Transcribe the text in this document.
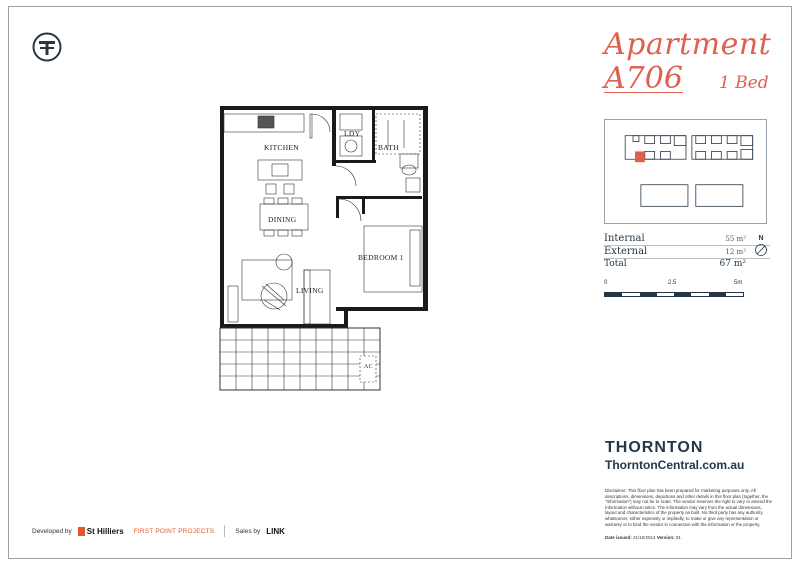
Apartment
A706 1 Bed
Internal	55 m²
External	12 m²
Total	67 m²
N
0	2.5	5m
THORNTON
ThorntonCentral.com.au
Disclaimer: This floor plan has been prepared for marketing purposes only. All descriptions, dimensions, depictions and other details in this floor plan (together, the "Information") may not be to scale. The vendor reserves the right to vary or amend the Information without notice. The information may vary from the actual dimensions, layout and characteristics of the property as built. No third party has any authority whatsoever, either expressly or impliedly, to make or give any representation or warranty or to bind the vendor in connection with the information or the property.
Date issued: 21/10/2014 Version: 01
Developed by St Hilliers FIRST POINT PROJECTS	Sales by LINK
KITCHEN
LDY
BATH
DINING
BEDROOM 1
LIVING
AC
